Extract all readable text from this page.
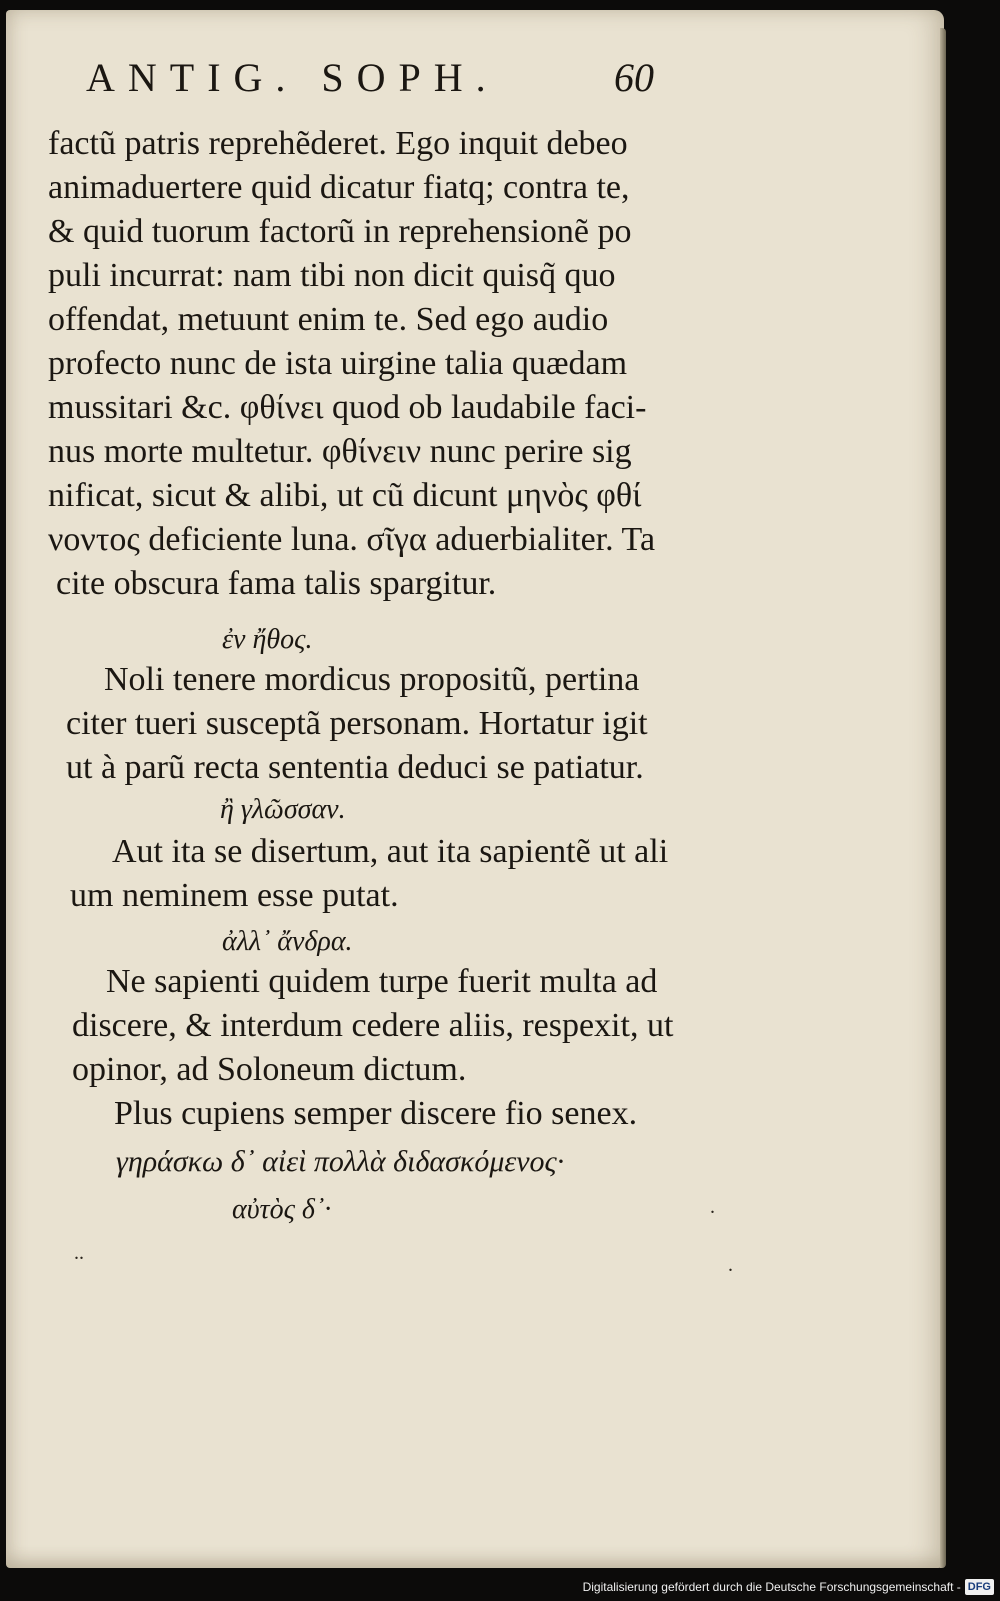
ANTIG. SOPH.	60
factũ patris reprehẽderet. Ego inquit debeo
animaduertere quid dicatur fiatq; contra te,
& quid tuorum factorũ in reprehensionẽ po
puli incurrat: nam tibi non dicit quisq̃ quo
offendat, metuunt enim te. Sed ego audio
profecto nunc de ista uirgine talia quædam
mussitari &c. φθίνει quod ob laudabile faci-
nus morte multetur. φθίνειν nunc perire sig
nificat, sicut & alibi, ut cũ dicunt μηνὸς φθί
νοντος deficiente luna. σῖγα aduerbialiter. Ta
cite obscura fama talis spargitur.
ἐν ἤθος.
Noli tenere mordicus propositũ, pertina
citer tueri susceptã personam. Hortatur igit
ut à parũ recta sententia deduci se patiatur.
ἢ γλῶσσαν.
Aut ita se disertum, aut ita sapientẽ ut ali
um neminem esse putat.
ἀλλ᾽ ἄνδρα.
Ne sapienti quidem turpe fuerit multa ad
discere, & interdum cedere aliis, respexit, ut
opinor, ad Soloneum dictum.
Plus cupiens semper discere fio senex.
γηράσκω δ᾽ αἰεὶ πολλὰ διδασκόμενος·
αὐτὸς δ᾽·	.
..
.
Digitalisierung gefördert durch die Deutsche Forschungsgemeinschaft - DFG
